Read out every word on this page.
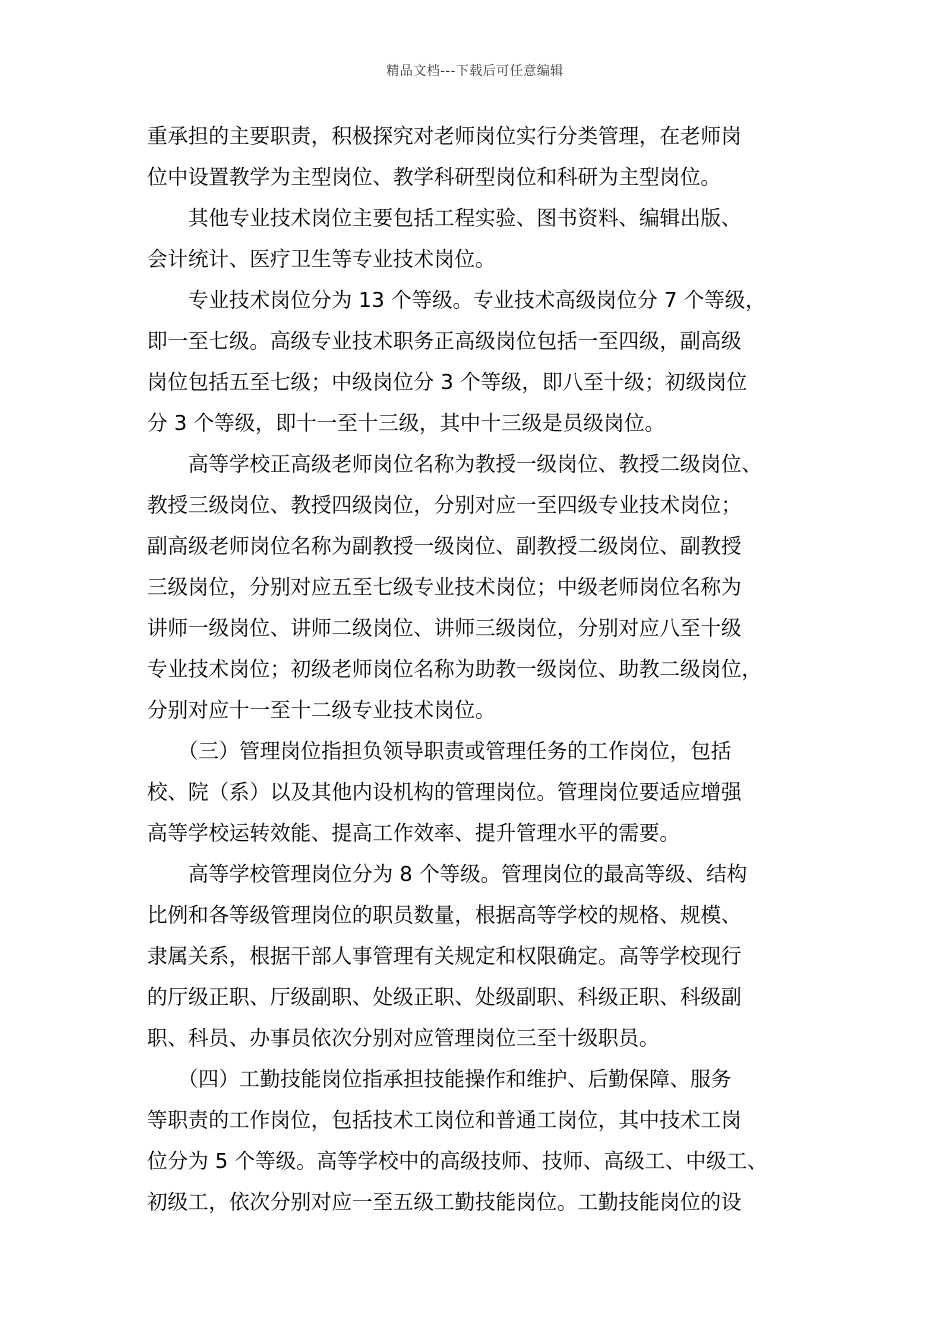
精品文档---下载后可任意编辑
重承担的主要职责，积极探究对老师岗位实行分类管理，在老师岗
位中设置教学为主型岗位、教学科研型岗位和科研为主型岗位。
　　其他专业技术岗位主要包括工程实验、图书资料、编辑出版、
会计统计、医疗卫生等专业技术岗位。
　　专业技术岗位分为 13 个等级。专业技术高级岗位分 7 个等级，
即一至七级。高级专业技术职务正高级岗位包括一至四级，副高级
岗位包括五至七级；中级岗位分 3 个等级，即八至十级；初级岗位
分 3 个等级，即十一至十三级，其中十三级是员级岗位。
　　高等学校正高级老师岗位名称为教授一级岗位、教授二级岗位、
教授三级岗位、教授四级岗位，分别对应一至四级专业技术岗位；
副高级老师岗位名称为副教授一级岗位、副教授二级岗位、副教授
三级岗位，分别对应五至七级专业技术岗位；中级老师岗位名称为
讲师一级岗位、讲师二级岗位、讲师三级岗位，分别对应八至十级
专业技术岗位；初级老师岗位名称为助教一级岗位、助教二级岗位，
分别对应十一至十二级专业技术岗位。
　　（三）管理岗位指担负领导职责或管理任务的工作岗位，包括
校、院（系）以及其他内设机构的管理岗位。管理岗位要适应增强
高等学校运转效能、提高工作效率、提升管理水平的需要。
　　高等学校管理岗位分为 8 个等级。管理岗位的最高等级、结构
比例和各等级管理岗位的职员数量，根据高等学校的规格、规模、
隶属关系，根据干部人事管理有关规定和权限确定。高等学校现行
的厅级正职、厅级副职、处级正职、处级副职、科级正职、科级副
职、科员、办事员依次分别对应管理岗位三至十级职员。
　　（四）工勤技能岗位指承担技能操作和维护、后勤保障、服务
等职责的工作岗位，包括技术工岗位和普通工岗位，其中技术工岗
位分为 5 个等级。高等学校中的高级技师、技师、高级工、中级工、
初级工，依次分别对应一至五级工勤技能岗位。工勤技能岗位的设
